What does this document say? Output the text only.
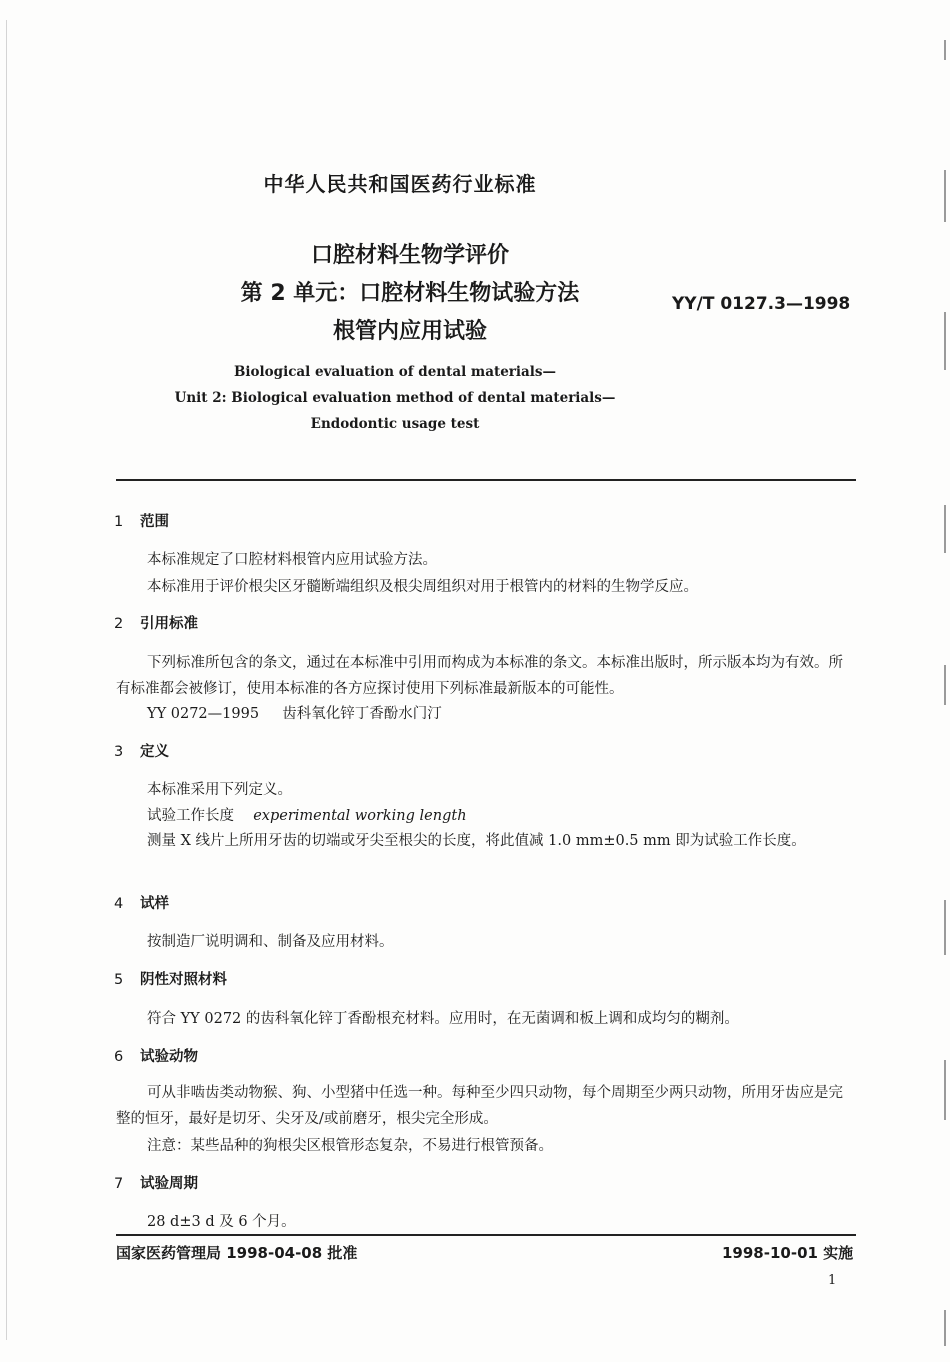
中华人民共和国医药行业标准
口腔材料生物学评价
第 2 单元：口腔材料生物试验方法
根管内应用试验
YY/T 0127.3—1998
Biological evaluation of dental materials—
Unit 2: Biological evaluation method of dental materials—
Endodontic usage test
1 范围
本标准规定了口腔材料根管内应用试验方法。
本标准用于评价根尖区牙髓断端组织及根尖周组织对用于根管内的材料的生物学反应。
2 引用标准
下列标准所包含的条文，通过在本标准中引用而构成为本标准的条文。本标准出版时，所示版本均为有效。所有标准都会被修订，使用本标准的各方应探讨使用下列标准最新版本的可能性。
YY 0272—1995 齿科氧化锌丁香酚水门汀
3 定义
本标准采用下列定义。
试验工作长度 experimental working length
测量 X 线片上所用牙齿的切端或牙尖至根尖的长度，将此值减 1.0 mm±0.5 mm 即为试验工作长度。
4 试样
按制造厂说明调和、制备及应用材料。
5 阴性对照材料
符合 YY 0272 的齿科氧化锌丁香酚根充材料。应用时，在无菌调和板上调和成均匀的糊剂。
6 试验动物
可从非啮齿类动物猴、狗、小型猪中任选一种。每种至少四只动物，每个周期至少两只动物，所用牙齿应是完整的恒牙，最好是切牙、尖牙及/或前磨牙，根尖完全形成。
注意：某些品种的狗根尖区根管形态复杂，不易进行根管预备。
7 试验周期
28 d±3 d 及 6 个月。
国家医药管理局 1998-04-08 批准	1998-10-01 实施
1
